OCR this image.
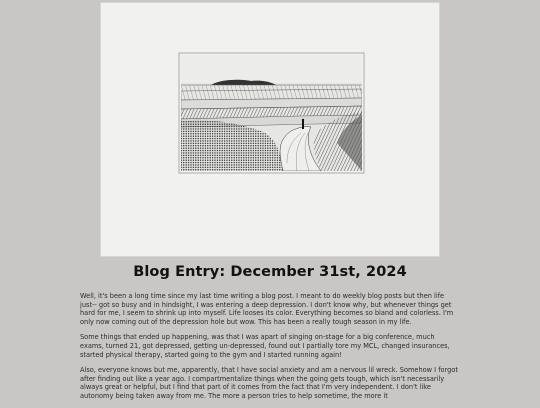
Blog Entry: December 31st, 2024

Well, it's been a long time since my last time writing a blog post. I meant to do weekly blog posts but then life just-- got so busy and in hindsight, I was entering a deep depression. I don't know why, but whenever things get hard for me, I seem to shrink up into myself. Life looses its color. Everything becomes so bland and colorless. I'm only now coming out of the depression hole but wow. This has been a really tough season in my life.

Some things that ended up happening, was that I was apart of singing on-stage for a big conference, much exams, turned 21, got depressed, getting un-depressed, found out I partially tore my MCL, changed insurances, started physical therapy, started going to the gym and I started running again!

Also, everyone knows but me, apparently, that I have social anxiety and am a nervous lil wreck. Somehow I forgot after finding out like a year ago. I compartmentalize things when the going gets tough, which isn't necessarily always great or helpful, but I find that part of it comes from the fact that I'm very independent. I don't like autonomy being taken away from me. The more a person tries to help sometime, the more it
